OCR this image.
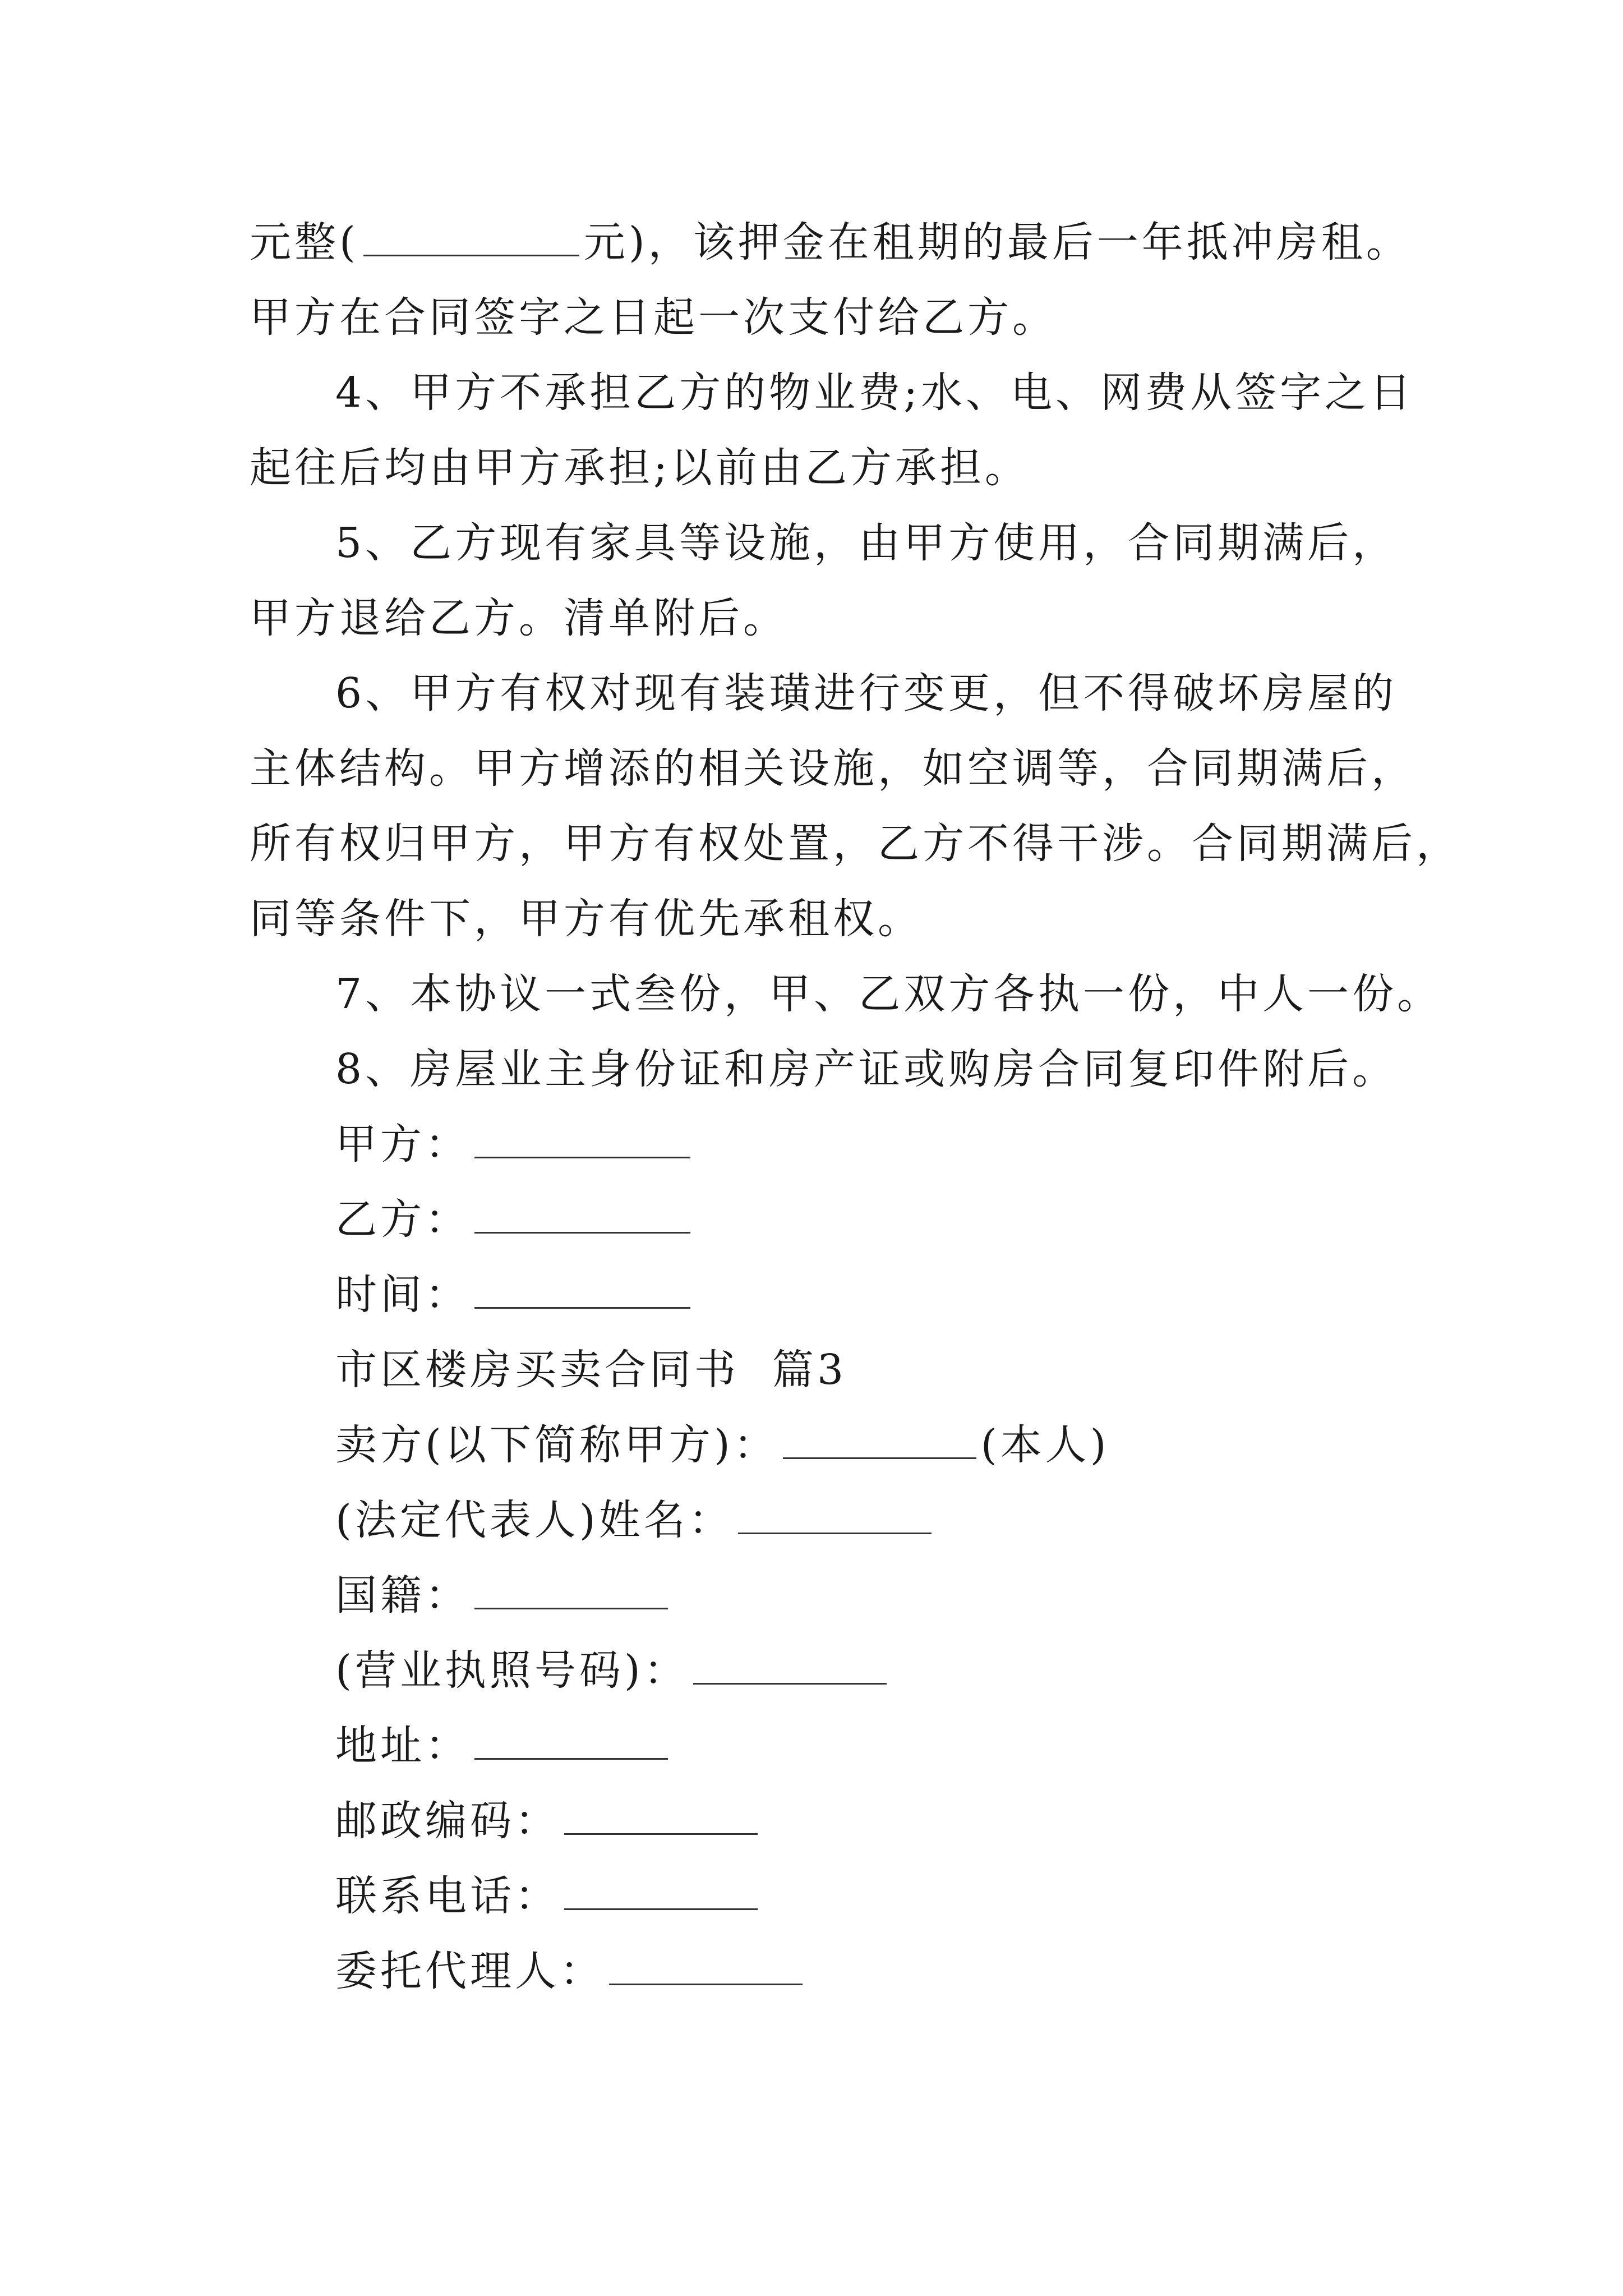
元整(	元)，该押金在租期的最后一年抵冲房租。
甲方在合同签字之日起一次支付给乙方。
4、甲方不承担乙方的物业费;水、电、网费从签字之日
起往后均由甲方承担;以前由乙方承担。
5、乙方现有家具等设施，由甲方使用，合同期满后，
甲方退给乙方。清单附后。
6、甲方有权对现有装璜进行变更，但不得破坏房屋的
主体结构。甲方增添的相关设施，如空调等，合同期满后，
所有权归甲方，甲方有权处置，乙方不得干涉。合同期满后，
同等条件下，甲方有优先承租权。
7、本协议一式叁份，甲、乙双方各执一份，中人一份。
8、房屋业主身份证和房产证或购房合同复印件附后。
甲方：
乙方：
时间：
市区楼房买卖合同书  篇3
卖方(以下简称甲方)：	(本人)
(法定代表人)姓名：
国籍：
(营业执照号码)：
地址：
邮政编码：
联系电话：
委托代理人：
